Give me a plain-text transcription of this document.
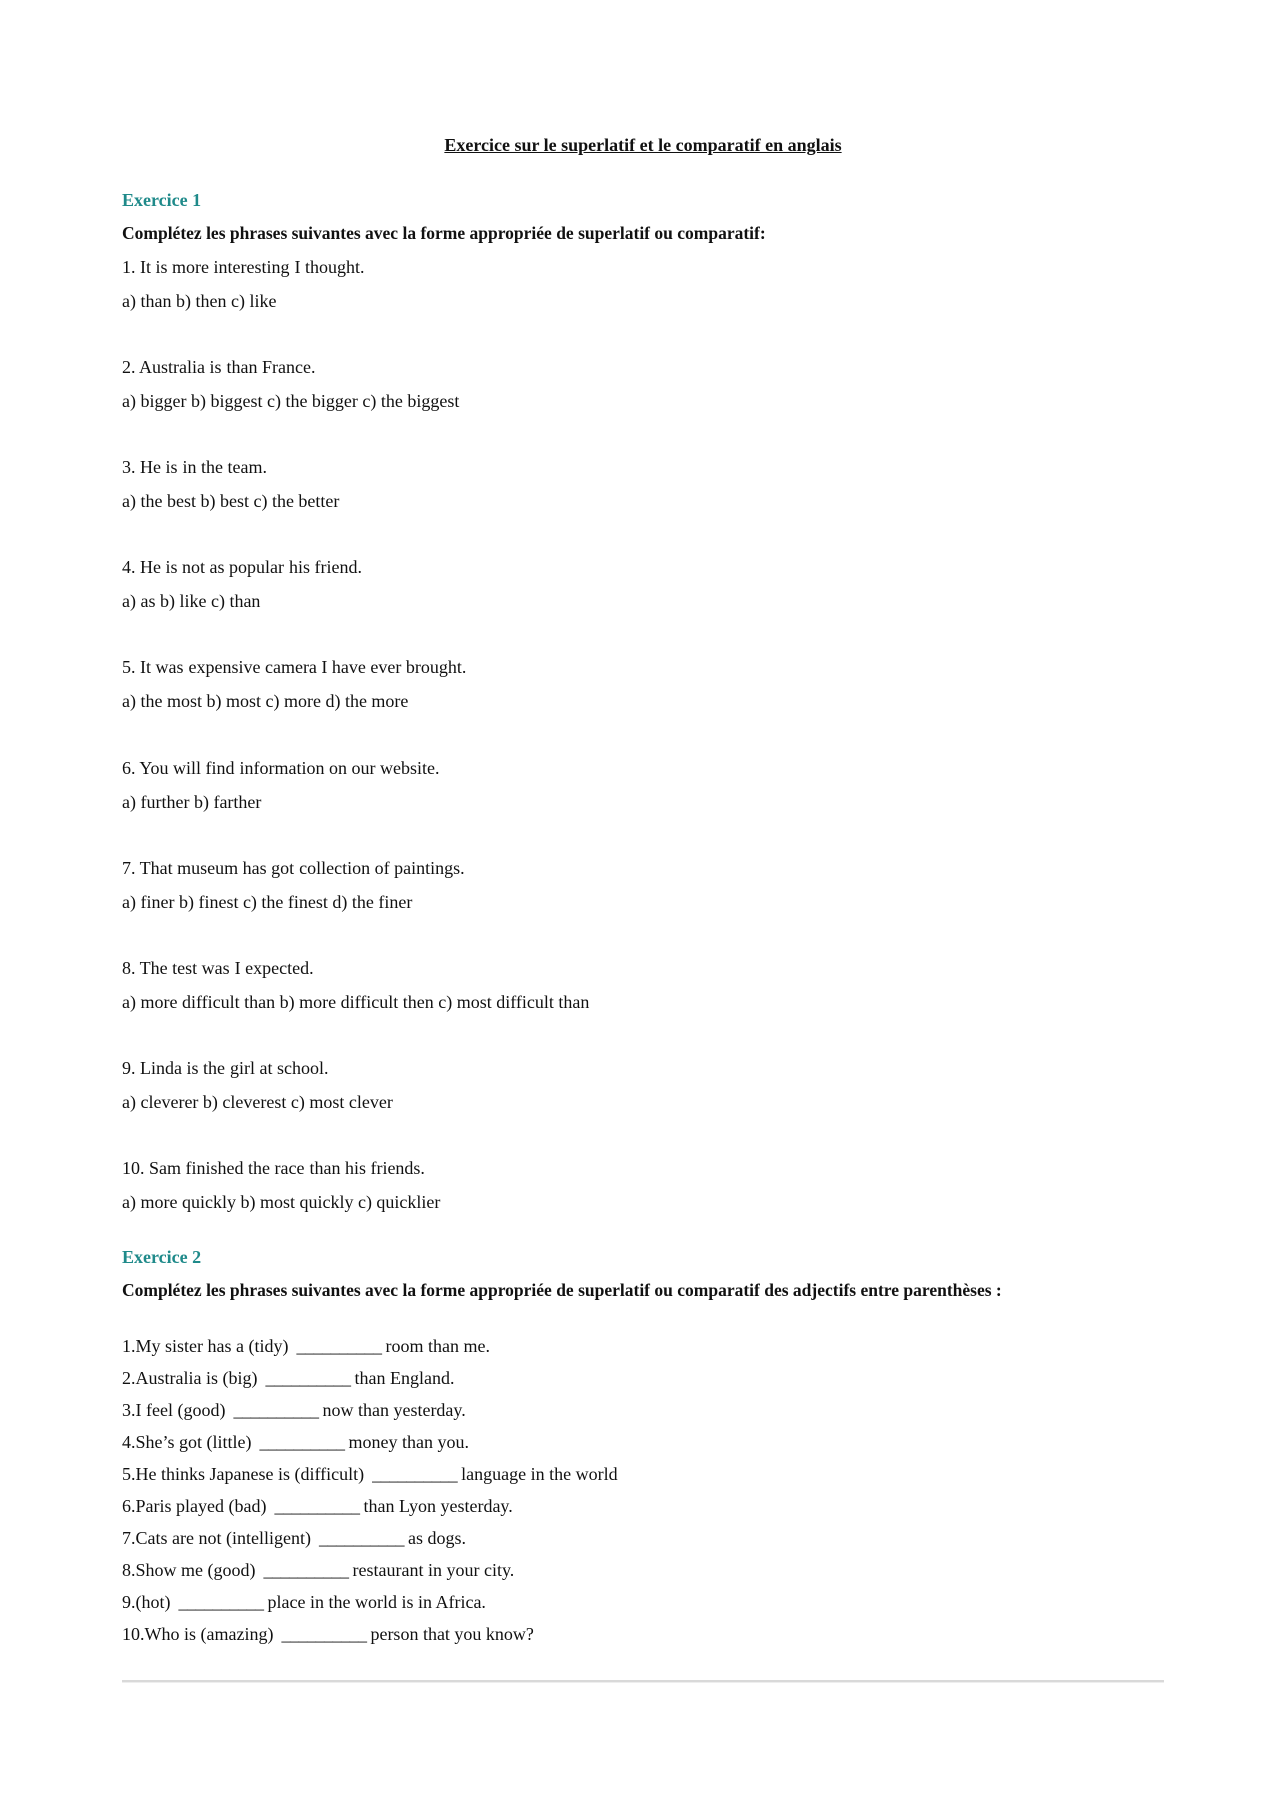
Exercice sur le superlatif et le comparatif en anglais
Exercice 1
Complétez les phrases suivantes avec la forme appropriée de superlatif ou comparatif:
1. It is more interesting I thought.
a) than b) then c) like
2. Australia is than France.
a) bigger b) biggest c) the bigger c) the biggest
3. He is in the team.
a) the best b) best c) the better
4. He is not as popular his friend.
a) as b) like c) than
5. It was expensive camera I have ever brought.
a) the most b) most c) more d) the more
6. You will find information on our website.
a) further b) farther
7. That museum has got collection of paintings.
a) finer b) finest c) the finest d) the finer
8. The test was I expected.
a) more difficult than b) more difficult then c) most difficult than
9. Linda is the girl at school.
a) cleverer b) cleverest c) most clever
10. Sam finished the race than his friends.
a) more quickly b) most quickly c) quicklier
Exercice 2
Complétez les phrases suivantes avec la forme appropriée de superlatif ou comparatif des adjectifs entre parenthèses :
1.My sister has a (tidy) __________ room than me.
2.Australia is (big) __________ than England.
3.I feel (good) __________ now than yesterday.
4.She’s got (little) __________ money than you.
5.He thinks Japanese is (difficult) __________ language in the world
6.Paris played (bad) __________ than Lyon yesterday.
7.Cats are not (intelligent) __________ as dogs.
8.Show me (good) __________ restaurant in your city.
9.(hot) __________ place in the world is in Africa.
10.Who is (amazing) __________ person that you know?
